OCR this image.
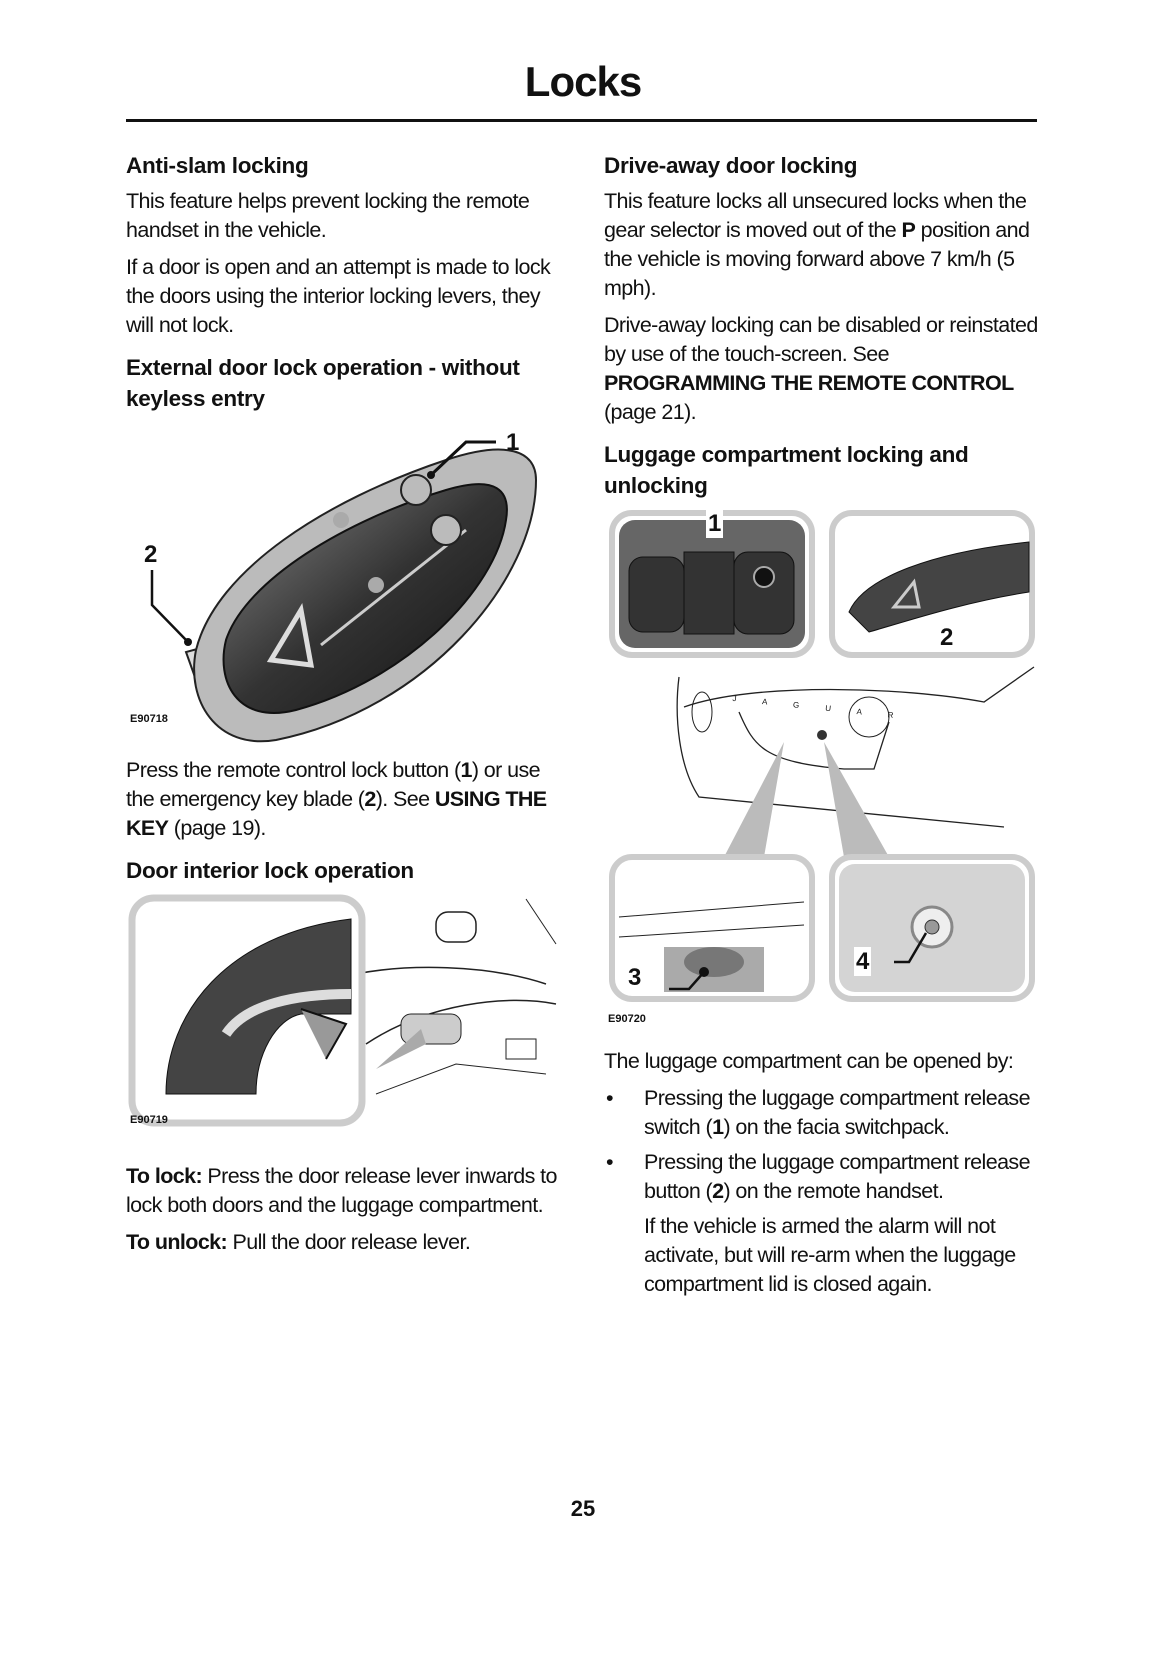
Locks
Anti-slam locking

This feature helps prevent locking the remote handset in the vehicle.

If a door is open and an attempt is made to lock the doors using the interior locking levers, they will not lock.

External door lock operation - without keyless entry
1
2
E90718

Press the remote control lock button (1) or use the emergency key blade (2). See USING THE KEY (page 19).

Door interior lock operation
E90719

To lock: Press the door release lever inwards to lock both doors and the luggage compartment.

To unlock: Pull the door release lever.

Drive-away door locking

This feature locks all unsecured locks when the gear selector is moved out of the P position and the vehicle is moving forward above 7 km/h (5 mph).

Drive-away locking can be disabled or reinstated by use of the touch-screen. See PROGRAMMING THE REMOTE CONTROL (page 21).

Luggage compartment locking and unlocking
1
2
3
4
J A G U A R
E90720

The luggage compartment can be opened by:

• Pressing the luggage compartment release switch (1) on the facia switchpack.
• Pressing the luggage compartment release button (2) on the remote handset.

If the vehicle is armed the alarm will not activate, but will re-arm when the luggage compartment lid is closed again.

25
